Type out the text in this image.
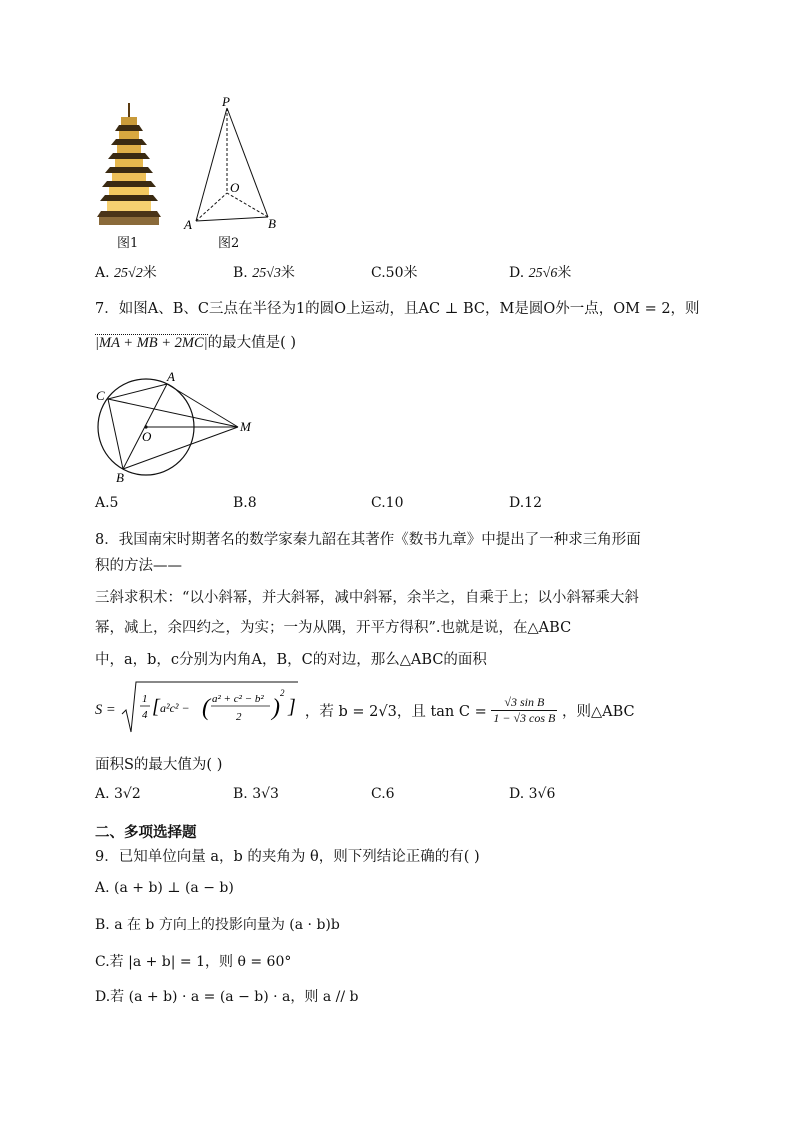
图1
P
O
A	B
图2
A. 25√2米	B. 25√3米	C.50米	D. 25√6米
7．如图A、B、C三点在半径为1的圆O上运动，且AC ⊥ BC，M是圆O外一点，OM = 2，则
|MA + MB + 2MC|的最大值是( )
A
C
O
M
B
A.5	B.8	C.10	D.12
8．我国南宋时期著名的数学家秦九韶在其著作《数书九章》中提出了一种求三角形面
积的方法——
三斜求积术：“以小斜幂，并大斜幂，减中斜幂，余半之，自乘于上；以小斜幂乘大斜
幂，减上，余四约之，为实；一为从隅，开平方得积”.也就是说，在△ABC
中，a，b，c分别为内角A，B，C的对边，那么△ABC的面积
S =
1
4 [ a²c² − ( a² + c² − b²
2 )
2
] ，若 b = 2√3，且 $\tan C = \frac{\text{√3 sin B}}{\text{1 − √3 cos B}}$ ，则△ABC
面积S的最大值为( )
A. 3√2	B. 3√3	C.6	D. 3√6
二、多项选择题
9．已知单位向量 a，b 的夹角为 θ，则下列结论正确的有( )
A. (a + b) ⊥ (a − b)
B. a 在 b 方向上的投影向量为 (a · b)b
C.若 |a + b| = 1，则 θ = 60°
D.若 (a + b) · a = (a − b) · a，则 a // b
